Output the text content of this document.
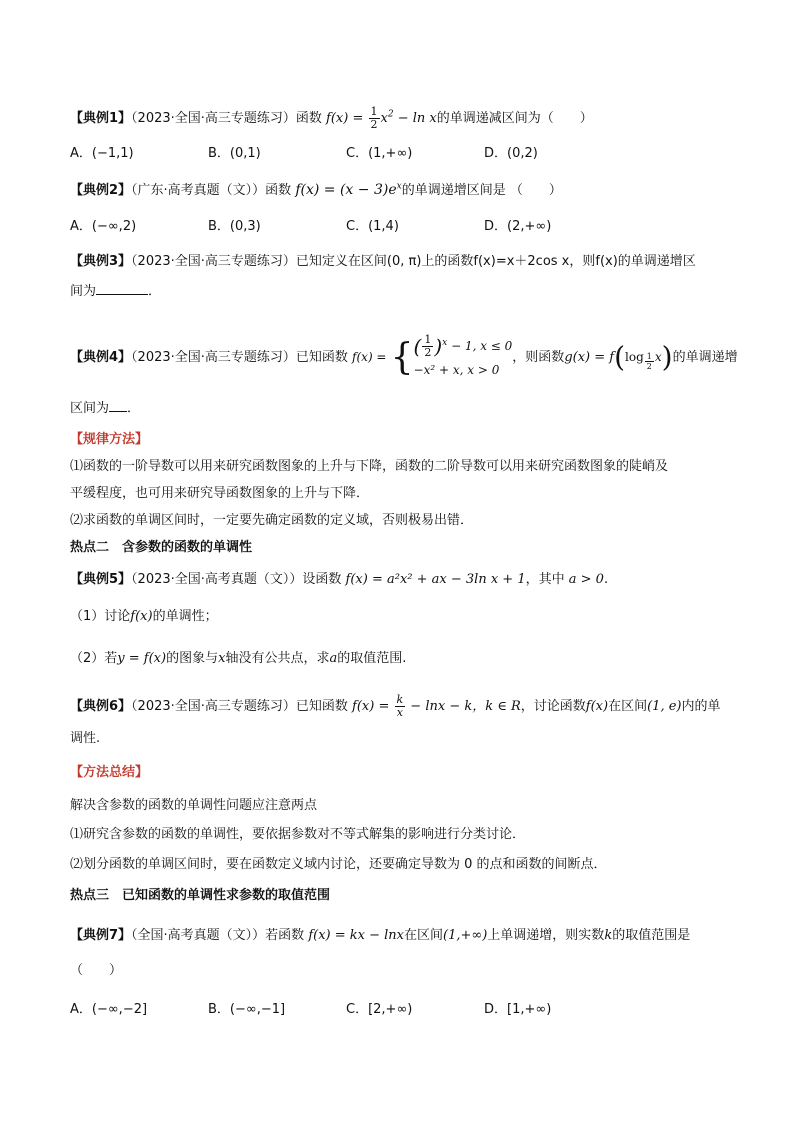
【典例1】（2023·全国·高三专题练习）函数 $f(x) = \frac{1}{2} x^2 - \ln x$的单调递减区间为（　　）
A．(−1,1)	B．(0,1)	C．(1,+∞)	D．(0,2)
【典例2】（广东·高考真题（文））函数 $f(x) = (x - 3)e^x$的单调递增区间是 （　　）
A．(−∞,2)	B．(0,3)	C．(1,4)	D．(2,+∞)
【典例3】（2023·全国·高三专题练习）已知定义在区间(0, π)上的函数f(x)=x＋2cos x，则f(x)的单调递增区
间为	．
【典例4】（2023·全国·高三专题练习）已知函数 f(x) = { ( $\frac{1}{2} )^x - 1$, x ≤ 0
−x² + x, x > 0
，则函数$g(x) = f(\log \frac{1}{2} x)$的单调递增
区间为 ．
【规律方法】
⑴函数的一阶导数可以用来研究函数图象的上升与下降，函数的二阶导数可以用来研究函数图象的陡峭及
平缓程度，也可用来研究导函数图象的上升与下降．
⑵求函数的单调区间时，一定要先确定函数的定义域，否则极易出错．
热点二　含参数的函数的单调性
【典例5】（2023·全国·高考真题（文））设函数 f(x) = a²x² + ax − 3ln x + 1，其中 a > 0.
（1）讨论f(x)的单调性；
（2）若y = f(x)的图象与x轴没有公共点，求a的取值范围.
【典例6】（2023·全国·高三专题练习）已知函数 $f(x) = \frac{k}{x} - \ln x - k$，k ∈ R，讨论函数f(x)在区间(1, e)内的单
调性.
【方法总结】
解决含参数的函数的单调性问题应注意两点
⑴研究含参数的函数的单调性，要依据参数对不等式解集的影响进行分类讨论．
⑵划分函数的单调区间时，要在函数定义域内讨论，还要确定导数为 0 的点和函数的间断点．
热点三　已知函数的单调性求参数的取值范围
【典例7】（全国·高考真题（文））若函数 f(x) = kx − lnx在区间(1,+∞)上单调递增，则实数k的取值范围是
（　　）
A．(−∞,−2]	B．(−∞,−1]	C．[2,+∞)	D．[1,+∞)
